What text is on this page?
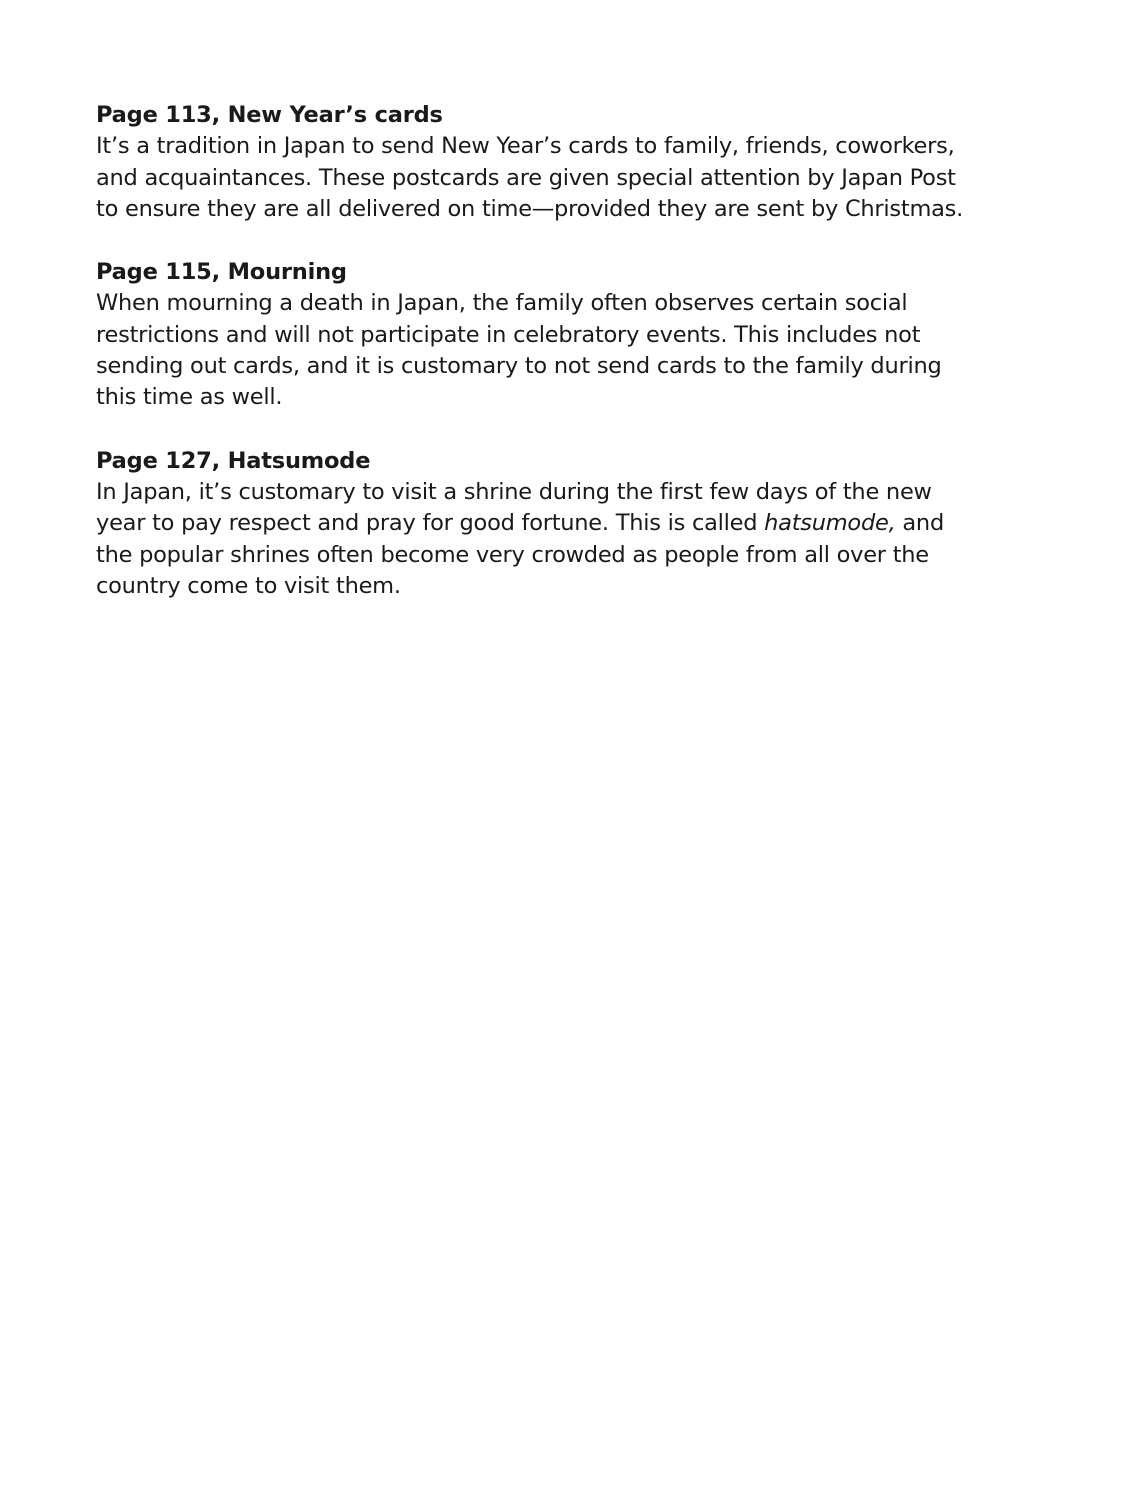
Page 113, New Year’s cards

It’s a tradition in Japan to send New Year’s cards to family, friends, coworkers,
and acquaintances. These postcards are given special attention by Japan Post
to ensure they are all delivered on time—provided they are sent by Christmas.

Page 115, Mourning

When mourning a death in Japan, the family often observes certain social
restrictions and will not participate in celebratory events. This includes not
sending out cards, and it is customary to not send cards to the family during
this time as well.

Page 127, Hatsumode

In Japan, it’s customary to visit a shrine during the first few days of the new
year to pay respect and pray for good fortune. This is called hatsumode, and
the popular shrines often become very crowded as people from all over the
country come to visit them.
